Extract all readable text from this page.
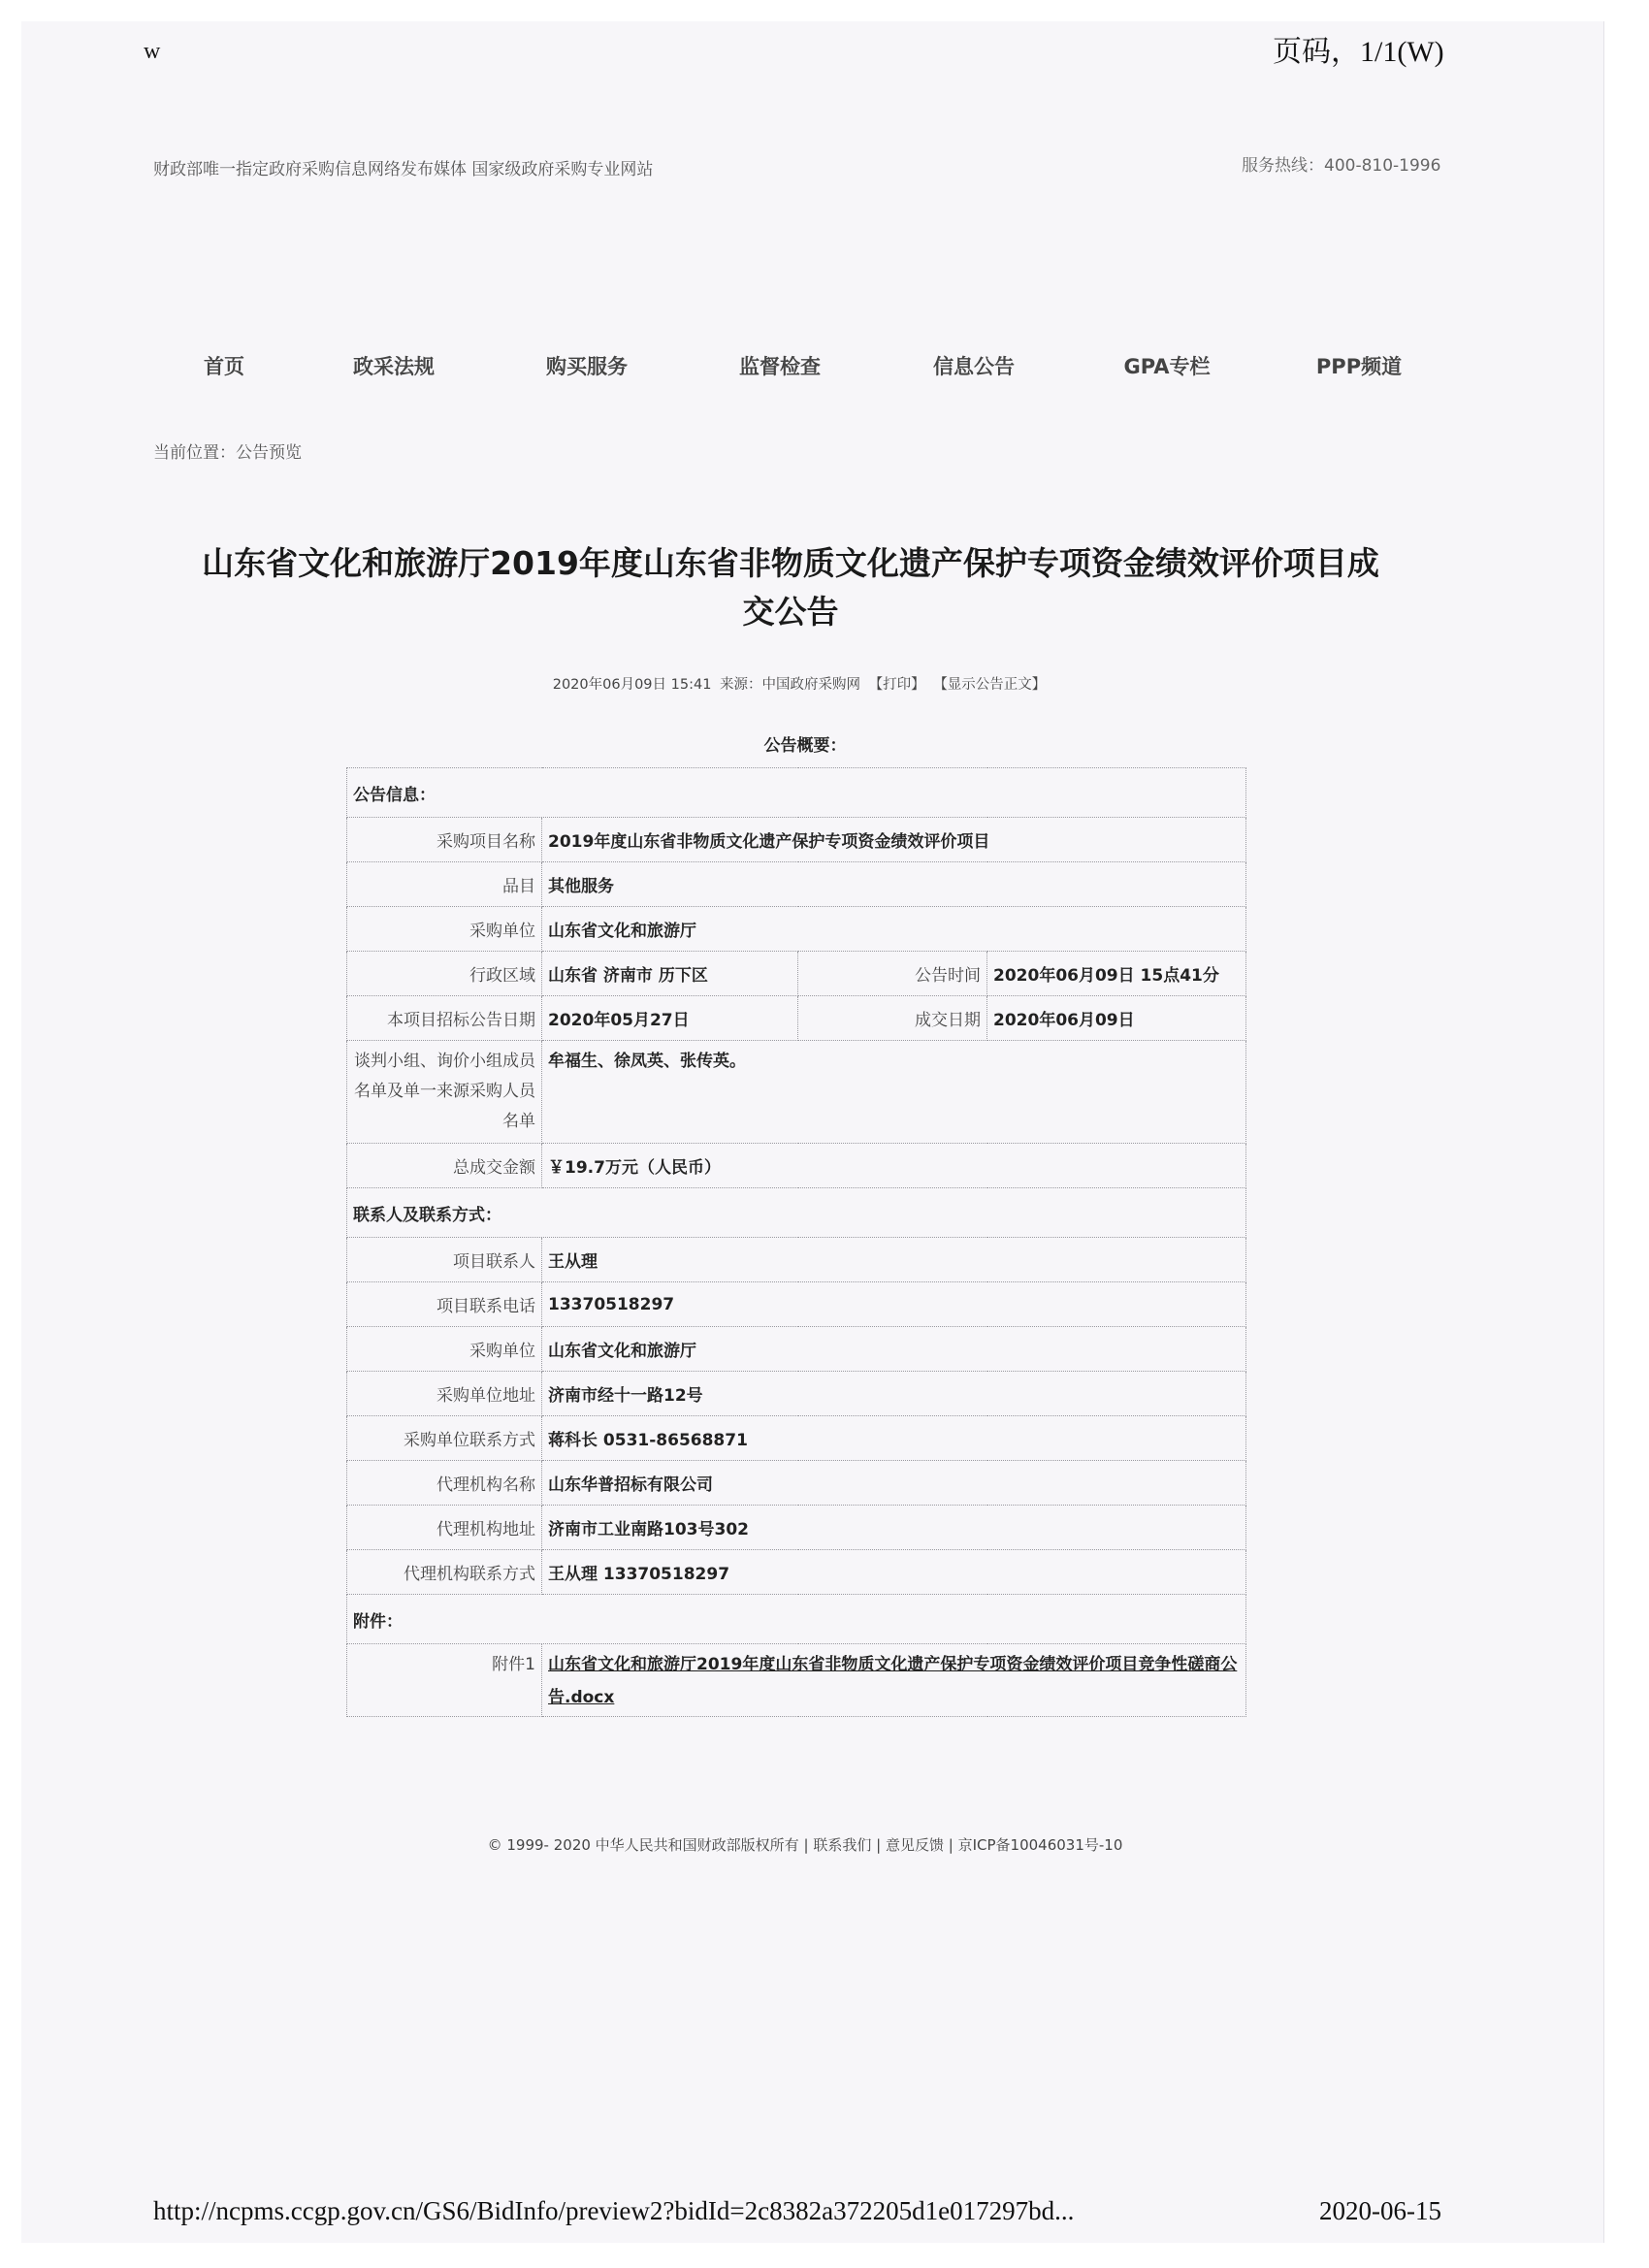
w	页码，1/1(W)
财政部唯一指定政府采购信息网络发布媒体 国家级政府采购专业网站	服务热线：400-810-1996
首页	政采法规	购买服务	监督检查	信息公告	GPA专栏	PPP频道
当前位置：公告预览
山东省文化和旅游厅2019年度山东省非物质文化遗产保护专项资金绩效评价项目成
交公告
2020年06月09日 15:41 来源：中国政府采购网 【打印】 【显示公告正文】
公告概要：
公告信息：			
采购项目名称	2019年度山东省非物质文化遗产保护专项资金绩效评价项目		
品目	其他服务		
采购单位	山东省文化和旅游厅		
行政区域	山东省 济南市 历下区	公告时间	2020年06月09日 15点41分
本项目招标公告日期	2020年05月27日	成交日期	2020年06月09日
谈判小组、询价小组成员名单及单一来源采购人员名单	牟福生、徐凤英、张传英。		
总成交金额	￥19.7万元（人民币）		
联系人及联系方式：			
项目联系人	王从理		
项目联系电话	13370518297		
采购单位	山东省文化和旅游厅		
采购单位地址	济南市经十一路12号		
采购单位联系方式	蒋科长 0531-86568871		
代理机构名称	山东华普招标有限公司		
代理机构地址	济南市工业南路103号302		
代理机构联系方式	王从理 13370518297		
附件：			
附件1	山东省文化和旅游厅2019年度山东省非物质文化遗产保护专项资金绩效评价项目竞争性磋商公告.docx		
© 1999- 2020 中华人民共和国财政部版权所有 | 联系我们 | 意见反馈 | 京ICP备10046031号-10
http://ncpms.ccgp.gov.cn/GS6/BidInfo/preview2?bidId=2c8382a372205d1e017297bd...	2020-06-15
